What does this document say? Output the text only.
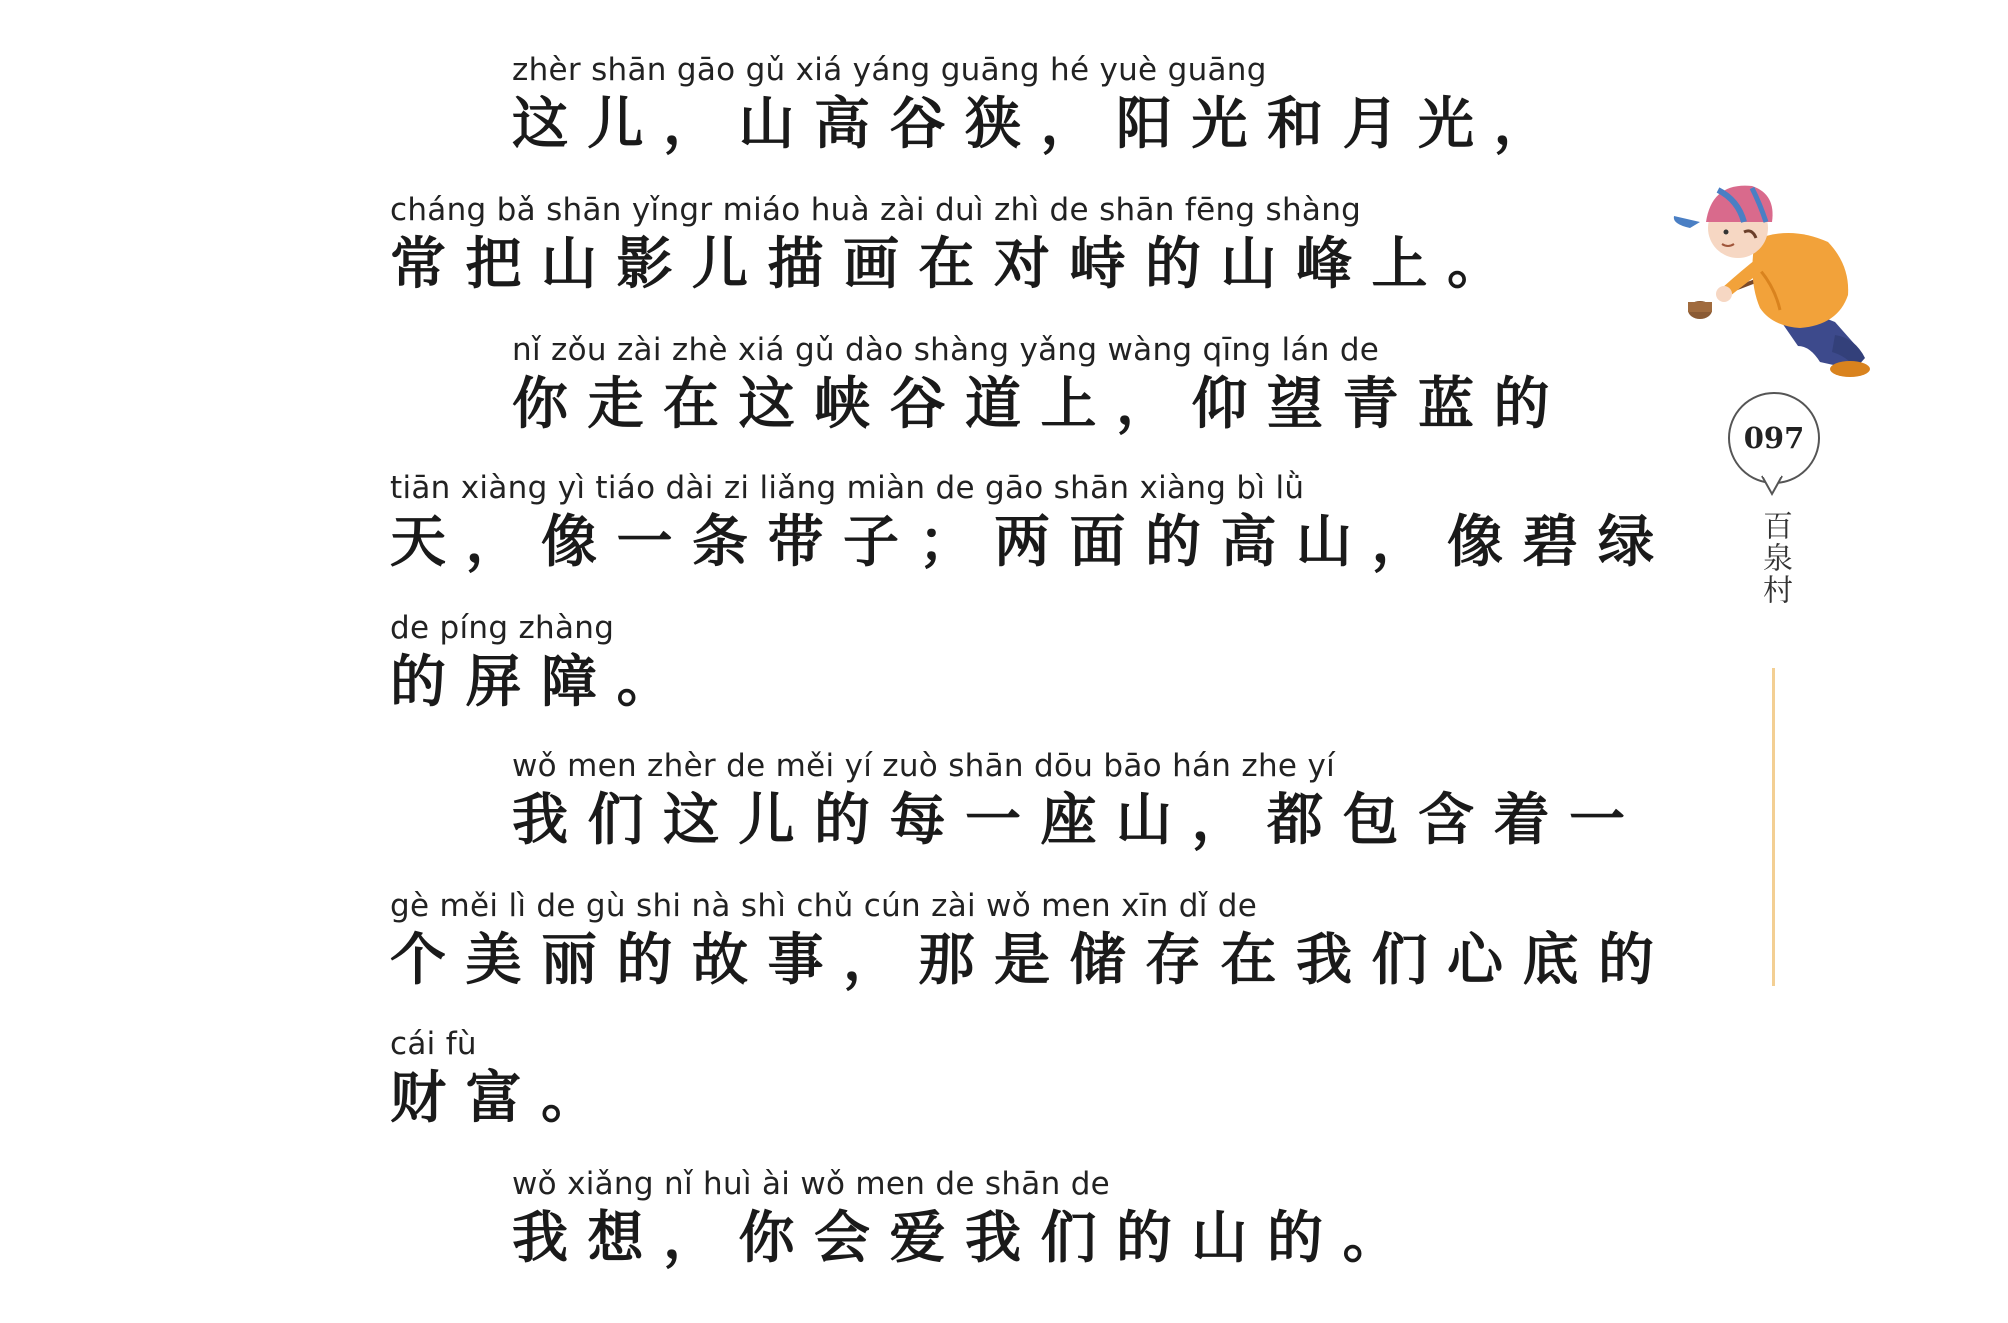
zhèr shān gāo gǔ xiá yáng guāng hé yuè guāng
这 儿 ， 山 高 谷 狭 ， 阳 光 和 月 光 ，
cháng bǎ shān yǐngr miáo huà zài duì zhì de shān fēng shàng
常 把 山 影 儿 描 画 在 对 峙 的 山 峰 上 。
nǐ zǒu zài zhè xiá gǔ dào shàng yǎng wàng qīng lán de
你 走 在 这 峡 谷 道 上 ， 仰 望 青 蓝 的
tiān xiàng yì tiáo dài zi liǎng miàn de gāo shān xiàng bì lǜ
天 ， 像 一 条 带 子 ； 两 面 的 高 山 ， 像 碧 绿
de píng zhàng
的 屏 障 。
wǒ men zhèr de měi yí zuò shān dōu bāo hán zhe yí
我 们 这 儿 的 每 一 座 山 ， 都 包 含 着 一
gè měi lì de gù shi nà shì chǔ cún zài wǒ men xīn dǐ de
个 美 丽 的 故 事 ， 那 是 储 存 在 我 们 心 底 的
cái fù
财 富 。
wǒ xiǎng nǐ huì ài wǒ men de shān de
我 想 ， 你 会 爱 我 们 的 山 的 。
097
百泉村
